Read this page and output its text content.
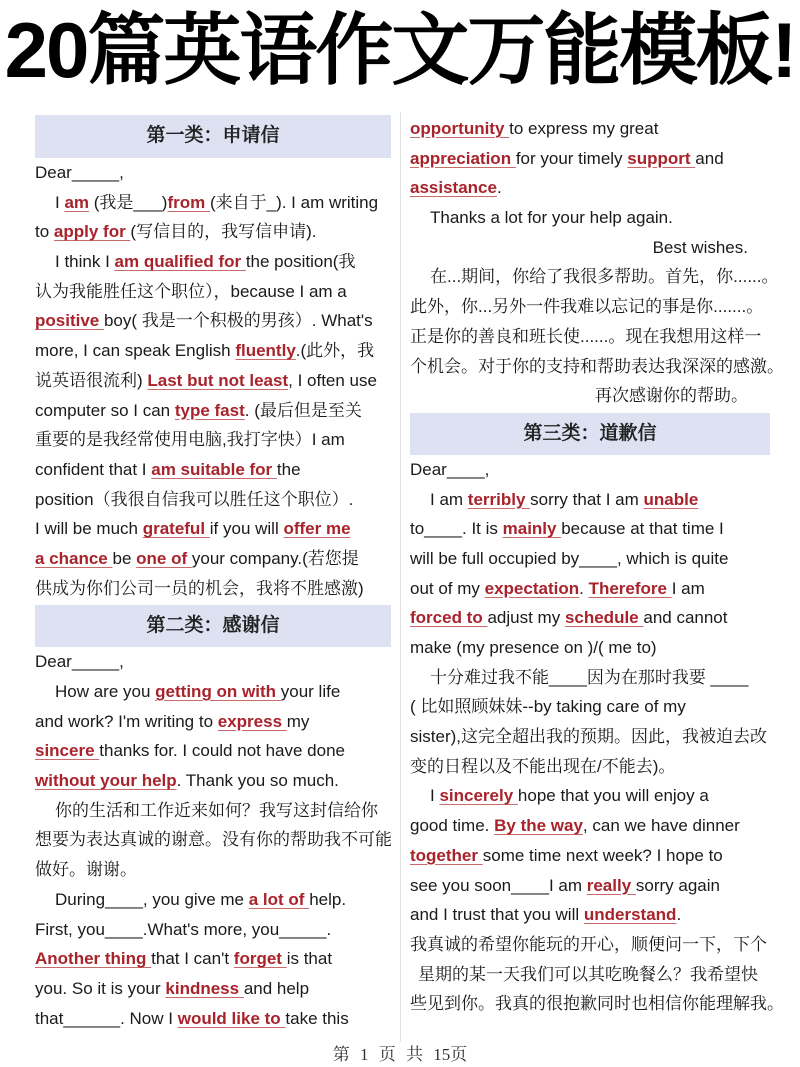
20篇英语作文万能模板!
第一类：申请信
Dear_____,
I am (我是___)from (来自于_). I am writing
to apply for (写信目的，我写信申请).
I think I am qualified for the position(我
认为我能胜任这个职位），because I am a
positive boy( 我是一个积极的男孩）. What's
more, I can speak English fluently.(此外，我
说英语很流利) Last but not least, I often use
computer so I can type fast. (最后但是至关
重要的是我经常使用电脑,我打字快）I am
confident that I am suitable for the
position（我很自信我可以胜任这个职位）.
I will be much grateful if you will offer me
a chance be one of your company.(若您提
供成为你们公司一员的机会，我将不胜感激)
第二类：感谢信
Dear_____,
How are you getting on with your life
and work? I'm writing to express my
sincere thanks for. I could not have done
without your help. Thank you so much.
你的生活和工作近来如何？我写这封信给你
想要为表达真诚的谢意。没有你的帮助我不可能
做好。谢谢。
During____, you give me a lot of help.
First, you____.What's more, you_____.
Another thing that I can't forget is that
you. So it is your kindness and help
that______. Now I would like to take this
opportunity to express my great
appreciation for your timely support and
assistance.
Thanks a lot for your help again.
Best wishes.
在...期间，你给了我很多帮助。首先，你......。
此外，你...另外一件我难以忘记的事是你.......。
正是你的善良和班长使......。现在我想用这样一
个机会。对于你的支持和帮助表达我深深的感激。
再次感谢你的帮助。
第三类：道歉信
Dear____,
I am terribly sorry that I am unable
to____. It is mainly because at that time I
will be full occupied by____, which is quite
out of my expectation. Therefore I am
forced to adjust my schedule and cannot
make (my presence on )/( me to)
十分难过我不能____因为在那时我要 ____
( 比如照顾妹妹--by taking care of my
sister),这完全超出我的预期。因此，我被迫去改
变的日程以及不能出现在/不能去)。
I sincerely hope that you will enjoy a
good time. By the way, can we have dinner
together some time next week? I hope to
see you soon____I am really sorry again
and I trust that you will understand.
我真诚的希望你能玩的开心，顺便问一下，下个
星期的某一天我们可以其吃晚餐么？我希望快
些见到你。我真的很抱歉同时也相信你能理解我。
第 1 页 共 15页
